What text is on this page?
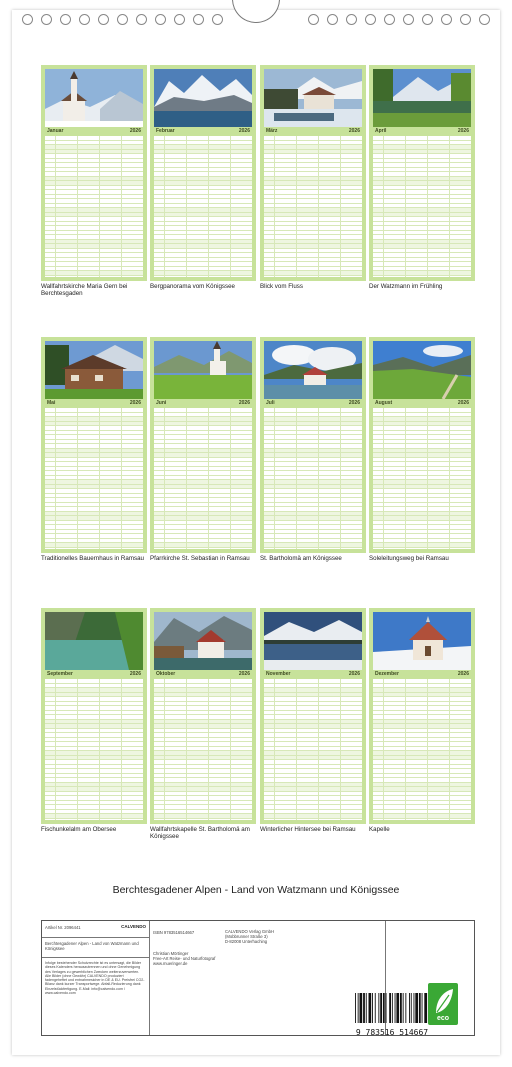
Januar	2026
Wallfahrtskirche Maria Gern bei Berchtesgaden
Februar	2026
Bergpanorama vom Königssee
März	2026
Blick vom Fluss
April	2026
Der Watzmann im Frühling
Mai	2026
Traditionelles Bauernhaus in Ramsau
Juni	2026
Pfarrkirche St. Sebastian in Ramsau
Juli	2026
St. Bartholomä am Königssee
August	2026
Soleleitungsweg bei Ramsau
September	2026
Fischunkelalm am Obersee
Oktober	2026
Wallfahrtskapelle St. Bartholomä am Königssee
November	2026
Winterlicher Hintersee bei Ramsau
Dezember	2026
Kapelle
Berchtesgadener Alpen - Land von Watzmann und Königssee
Artikel Nr. 2096441	CALVENDO
Berchtesgadener Alpen - Land von Watzmann und Königssee
Infolge bestehender Schutzrechte ist es untersagt, die Bilder dieses Kalenders herauszutrennen und ohne Genehmigung des Verlages zu gewerblichen Zwecken weiterzuverwerten. Alle Bilder (ohne Gewähr) CALVENDO produziert fadengeheftet und entnahmesicher in DE & EU. Preisfrei CO2-Bilanz dank kurzer Transportwege. Abfall-Reduzierung dank Einzelstückfertigung. E-Mail: info@calvendo.com / www.calvendo.com
ISBN 9783516514667
Christian Mörtinger
Free-Art Reise- und Naturfotograf
www.mueringer.de
CALVENDO Verlag GmbH
(Mobbrunner Straße 3)
D-82008 Unterhaching
9 783516 514667
eco
